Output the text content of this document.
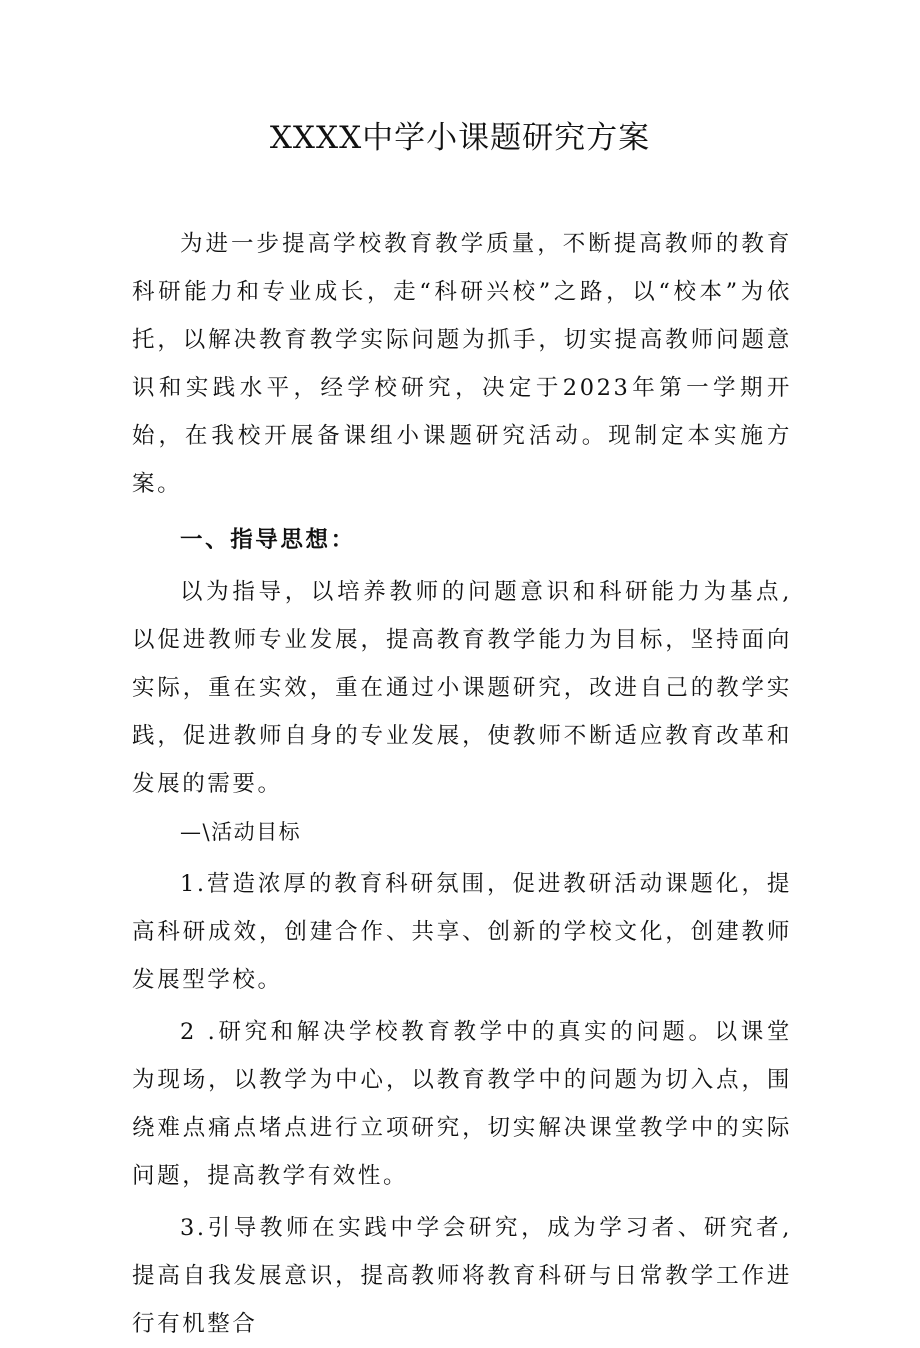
XXXX中学小课题研究方案

为进一步提高学校教育教学质量，不断提高教师的教育科研能力和专业成长，走“科研兴校”之路，以“校本”为依托，以解决教育教学实际问题为抓手，切实提高教师问题意识和实践水平，经学校研究，决定于2023年第一学期开始，在我校开展备课组小课题研究活动。现制定本实施方案。

一、指导思想：

以为指导，以培养教师的问题意识和科研能力为基点,以促进教师专业发展，提高教育教学能力为目标，坚持面向实际，重在实效，重在通过小课题研究，改进自己的教学实践，促进教师自身的专业发展，使教师不断适应教育改革和发展的需要。

—\活动目标

1.营造浓厚的教育科研氛围，促进教研活动课题化，提高科研成效，创建合作、共享、创新的学校文化，创建教师发展型学校。

2 .研究和解决学校教育教学中的真实的问题。以课堂为现场，以教学为中心，以教育教学中的问题为切入点，围绕难点痛点堵点进行立项研究，切实解决课堂教学中的实际问题，提高教学有效性。

3.引导教师在实践中学会研究，成为学习者、研究者,提高自我发展意识，提高教师将教育科研与日常教学工作进行有机整合
